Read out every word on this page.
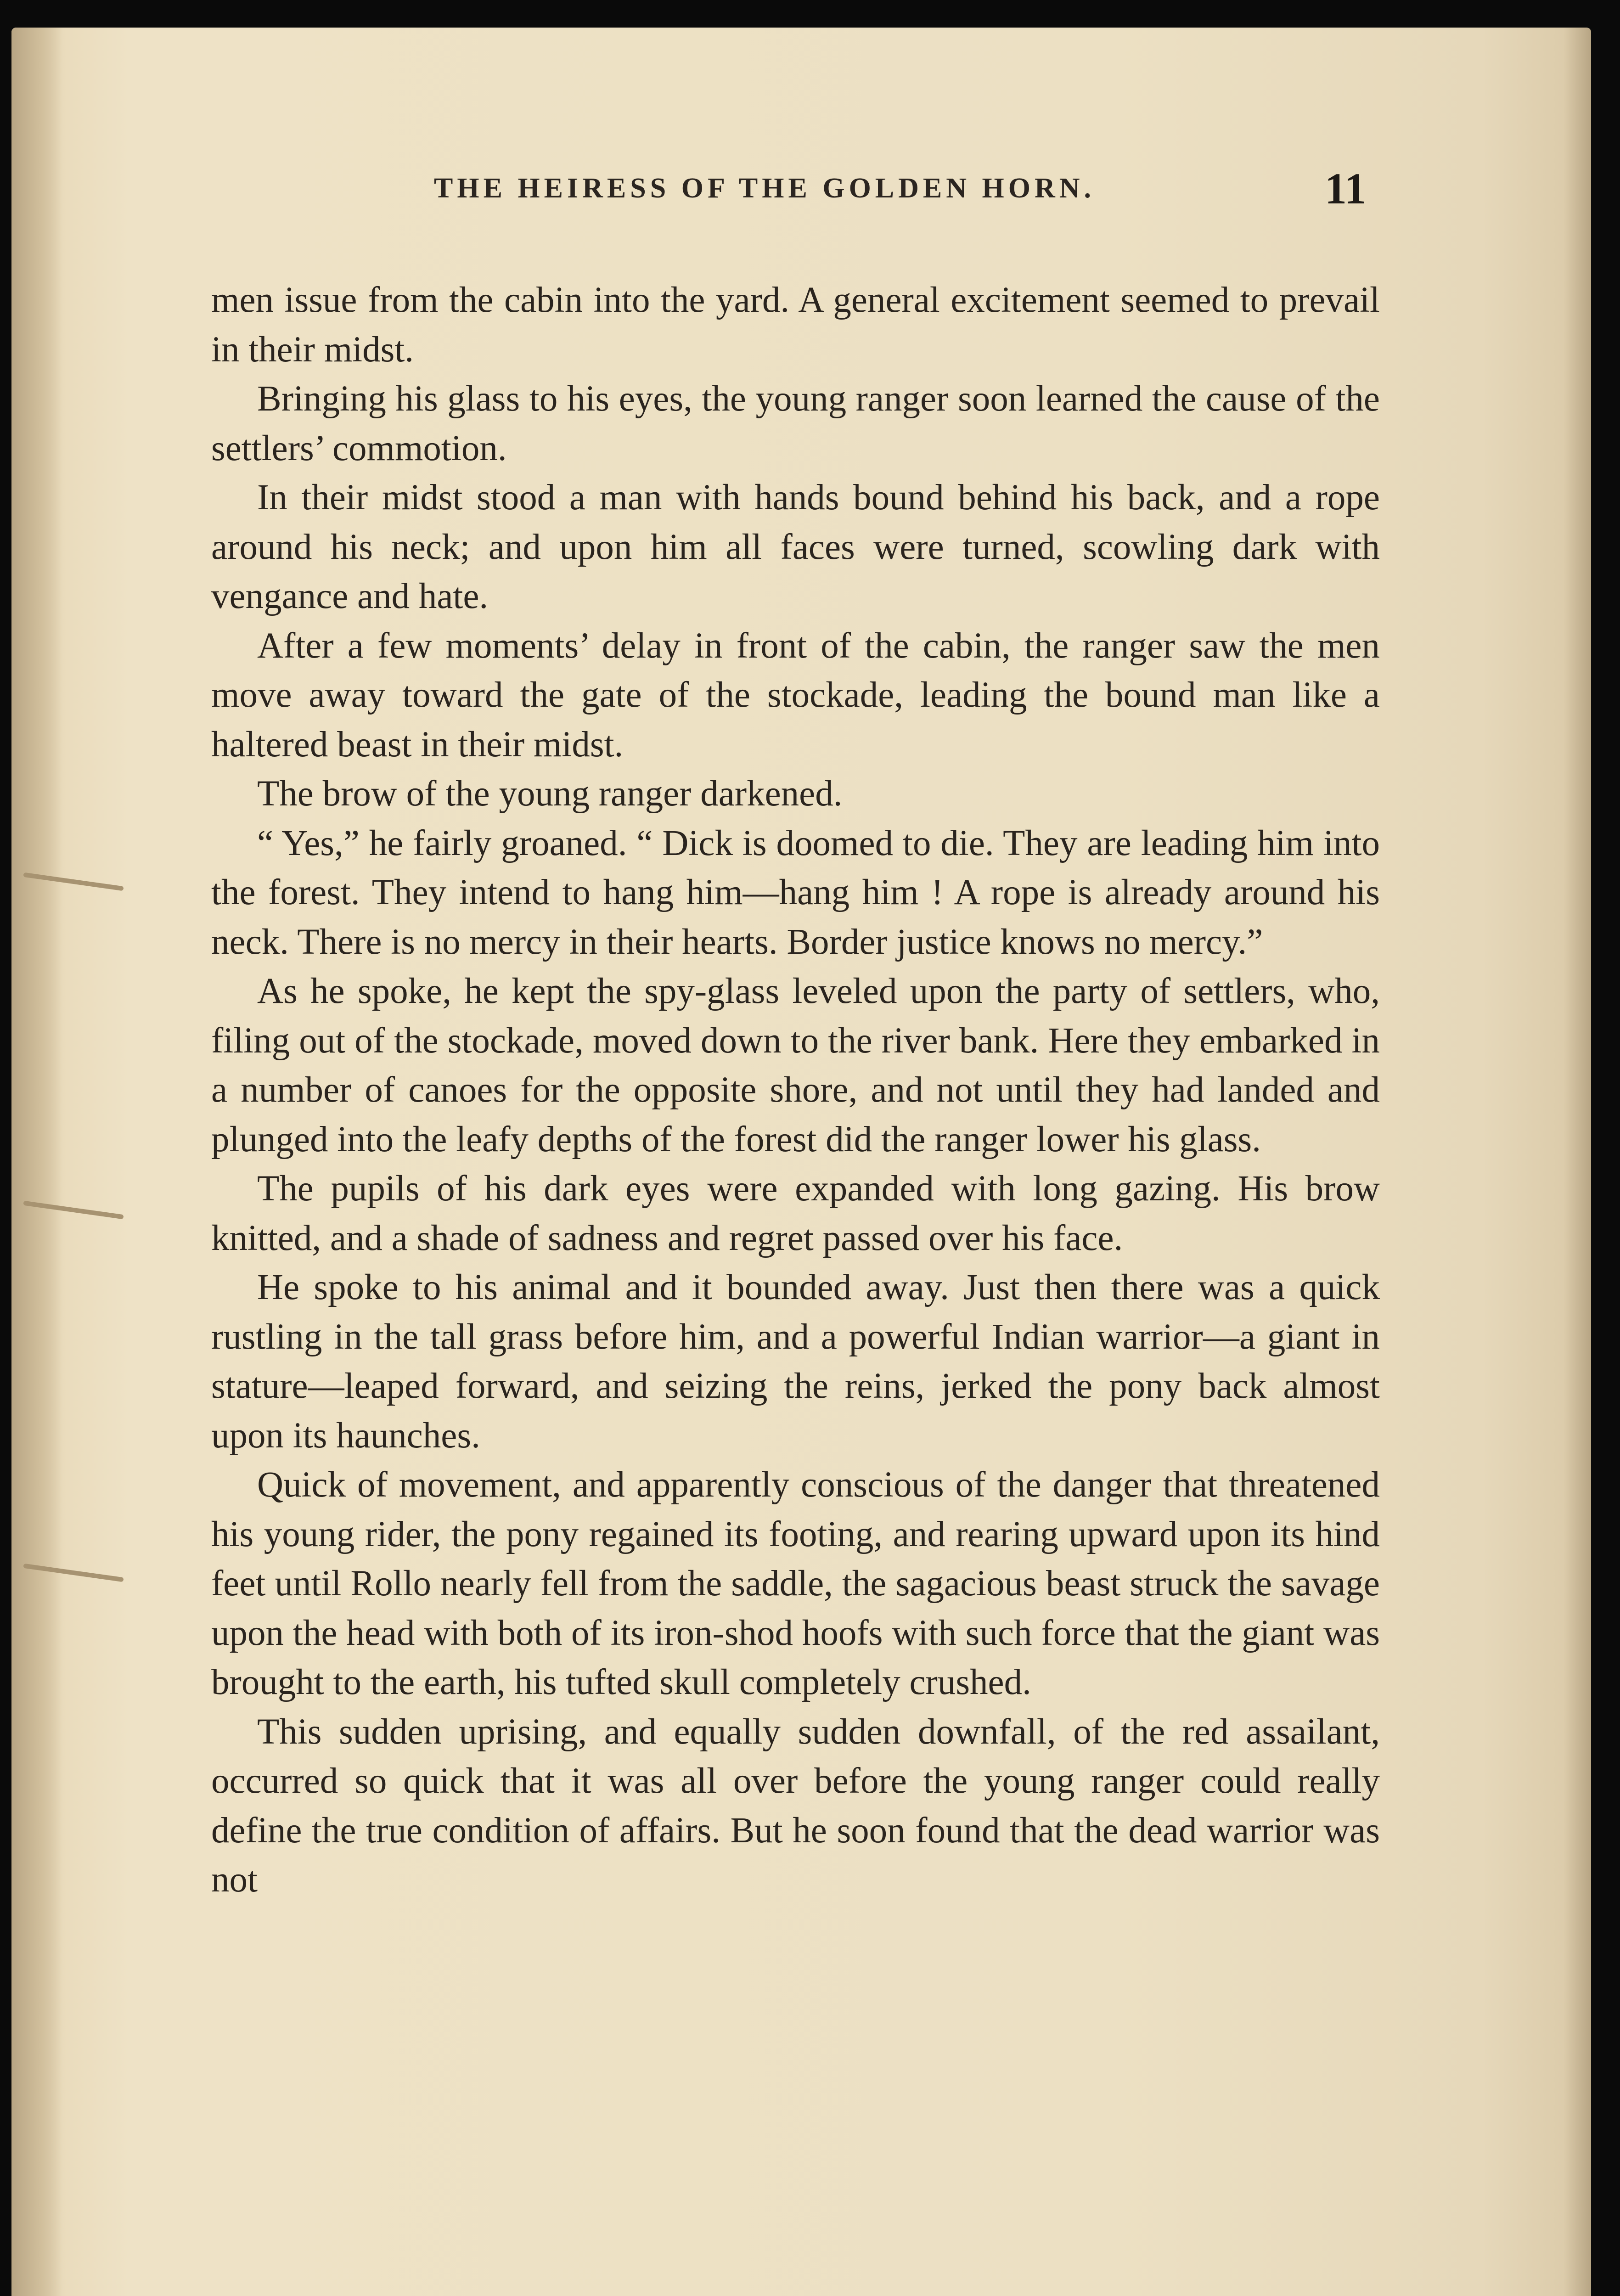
THE HEIRESS OF THE GOLDEN HORN.	11

men issue from the cabin into the yard. A general excitement seemed to prevail in their midst.

Bringing his glass to his eyes, the young ranger soon learned the cause of the settlers’ commotion.

In their midst stood a man with hands bound behind his back, and a rope around his neck; and upon him all faces were turned, scowling dark with vengance and hate.

After a few moments’ delay in front of the cabin, the ranger saw the men move away toward the gate of the stockade, leading the bound man like a haltered beast in their midst.

The brow of the young ranger darkened.

“ Yes,” he fairly groaned. “ Dick is doomed to die. They are leading him into the forest. They intend to hang him—hang him ! A rope is already around his neck. There is no mercy in their hearts. Border justice knows no mercy.”

As he spoke, he kept the spy-glass leveled upon the party of settlers, who, filing out of the stockade, moved down to the river bank. Here they embarked in a number of canoes for the opposite shore, and not until they had landed and plunged into the leafy depths of the forest did the ranger lower his glass.

The pupils of his dark eyes were expanded with long gazing. His brow knitted, and a shade of sadness and regret passed over his face.

He spoke to his animal and it bounded away. Just then there was a quick rustling in the tall grass before him, and a powerful Indian warrior—a giant in stature—leaped forward, and seizing the reins, jerked the pony back almost upon its haunches.

Quick of movement, and apparently conscious of the danger that threatened his young rider, the pony regained its footing, and rearing upward upon its hind feet until Rollo nearly fell from the saddle, the sagacious beast struck the savage upon the head with both of its iron-shod hoofs with such force that the giant was brought to the earth, his tufted skull completely crushed.

This sudden uprising, and equally sudden downfall, of the red assailant, occurred so quick that it was all over before the young ranger could really define the true condition of affairs. But he soon found that the dead warrior was not
